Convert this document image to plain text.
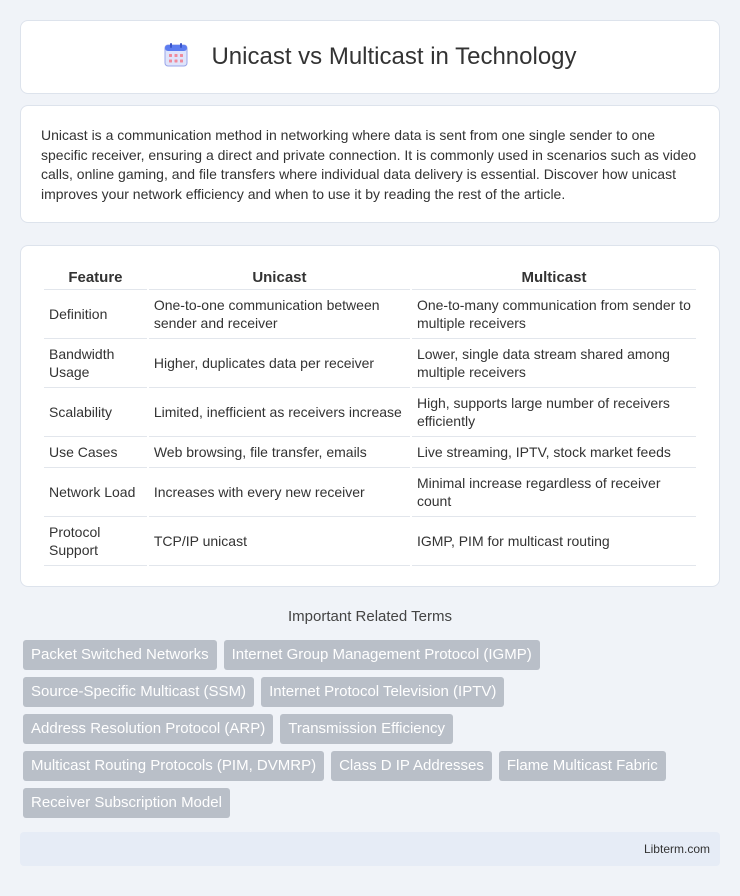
Unicast vs Multicast in Technology

Unicast is a communication method in networking where data is sent from one single sender to one specific receiver, ensuring a direct and private connection. It is commonly used in scenarios such as video calls, online gaming, and file transfers where individual data delivery is essential. Discover how unicast improves your network efficiency and when to use it by reading the rest of the article.

Feature	Unicast	Multicast
Definition	One-to-one communication between sender and receiver	One-to-many communication from sender to multiple receivers
Bandwidth Usage	Higher, duplicates data per receiver	Lower, single data stream shared among multiple receivers
Scalability	Limited, inefficient as receivers increase	High, supports large number of receivers efficiently
Use Cases	Web browsing, file transfer, emails	Live streaming, IPTV, stock market feeds
Network Load	Increases with every new receiver	Minimal increase regardless of receiver count
Protocol Support	TCP/IP unicast	IGMP, PIM for multicast routing
Important Related Terms
Packet Switched Networks	Internet Group Management Protocol (IGMP)
Source-Specific Multicast (SSM)	Internet Protocol Television (IPTV)
Address Resolution Protocol (ARP)	Transmission Efficiency
Multicast Routing Protocols (PIM, DVMRP)	Class D IP Addresses	Flame Multicast Fabric
Receiver Subscription Model
Libterm.com
